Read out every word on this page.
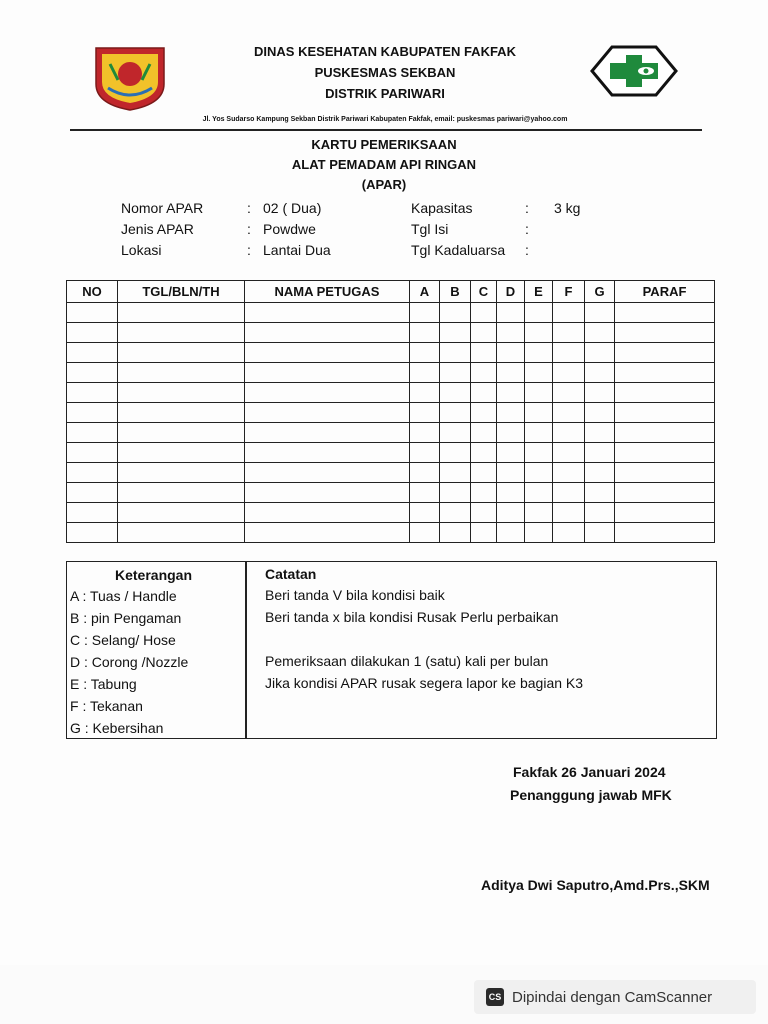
DINAS KESEHATAN KABUPATEN FAKFAK
PUSKESMAS SEKBAN
DISTRIK PARIWARI
Jl. Yos Sudarso Kampung Sekban Distrik Pariwari Kabupaten Fakfak, email: puskesmas pariwari@yahoo.com
KARTU PEMERIKSAAN
ALAT PEMADAM API RINGAN
(APAR)
Nomor APAR	: 02 ( Dua)
Jenis APAR	: Powdwe
Lokasi	: Lantai Dua
Kapasitas	: 3 kg
Tgl Isi	:
Tgl Kadaluarsa :
NO	TGL/BLN/TH	NAMA PETUGAS	A	B	C	D	E	F	G	PARAF

Keterangan
A : Tuas / Handle
B : pin Pengaman
C : Selang/ Hose
D : Corong /Nozzle
E : Tabung
F : Tekanan
G : Kebersihan
Catatan
Beri tanda V bila kondisi baik
Beri tanda x bila kondisi Rusak Perlu perbaikan
Pemeriksaan dilakukan 1 (satu) kali per bulan
Jika kondisi APAR rusak segera lapor ke bagian K3
Fakfak 26 Januari 2024
Penanggung jawab MFK
Aditya Dwi Saputro,Amd.Prs.,SKM
CS Dipindai dengan CamScanner
